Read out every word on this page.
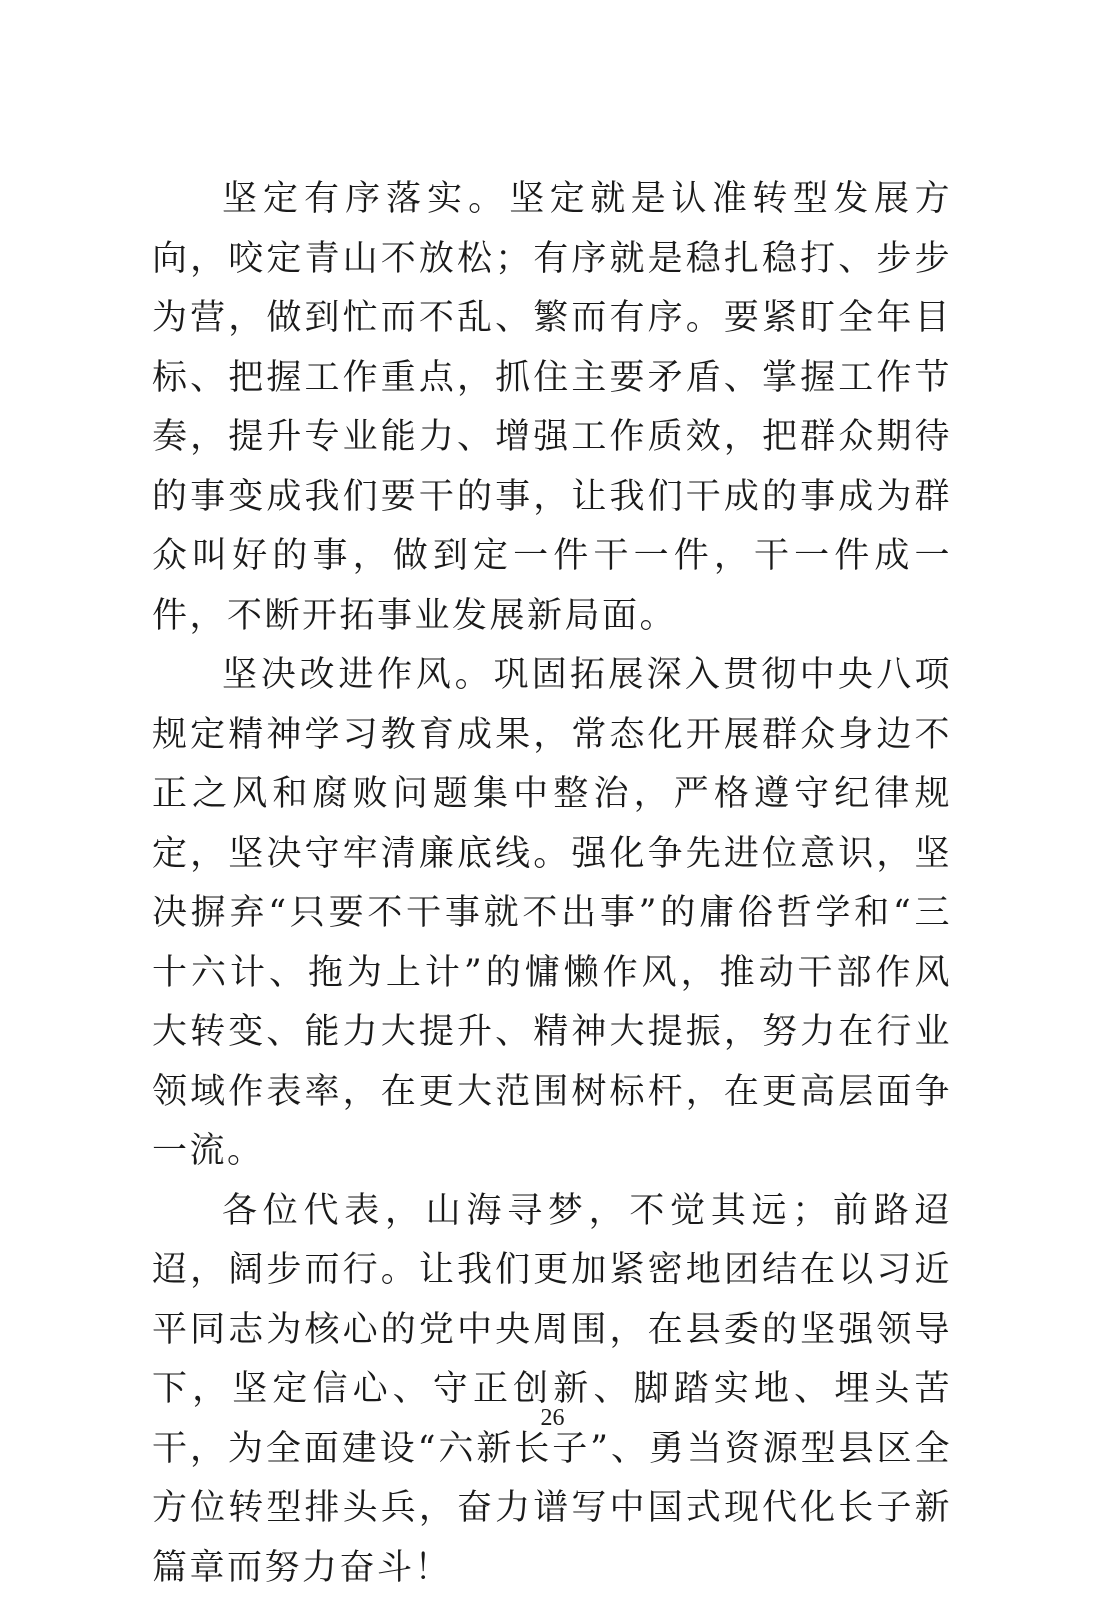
坚定有序落实。坚定就是认准转型发展方向，咬定青山不放松；有序就是稳扎稳打、步步为营，做到忙而不乱、繁而有序。要紧盯全年目标、把握工作重点，抓住主要矛盾、掌握工作节奏，提升专业能力、增强工作质效，把群众期待的事变成我们要干的事，让我们干成的事成为群众叫好的事，做到定一件干一件，干一件成一件，不断开拓事业发展新局面。

坚决改进作风。巩固拓展深入贯彻中央八项规定精神学习教育成果，常态化开展群众身边不正之风和腐败问题集中整治，严格遵守纪律规定，坚决守牢清廉底线。强化争先进位意识，坚决摒弃“只要不干事就不出事”的庸俗哲学和“三十六计、拖为上计”的慵懒作风，推动干部作风大转变、能力大提升、精神大提振，努力在行业领域作表率，在更大范围树标杆，在更高层面争一流。

各位代表，山海寻梦，不觉其远；前路迢迢，阔步而行。让我们更加紧密地团结在以习近平同志为核心的党中央周围，在县委的坚强领导下，坚定信心、守正创新、脚踏实地、埋头苦干，为全面建设“六新长子”、勇当资源型县区全方位转型排头兵，奋力谱写中国式现代化长子新篇章而努力奋斗！

26
